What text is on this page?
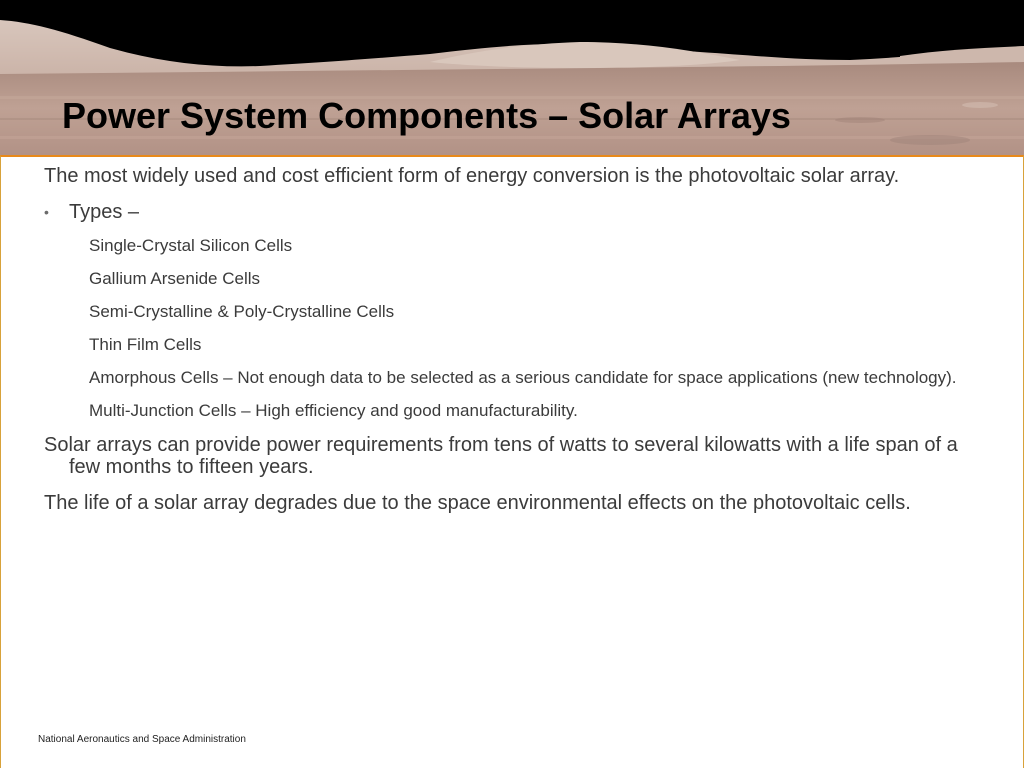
Power System Components – Solar Arrays

The most widely used and cost efficient form of energy conversion is the photovoltaic solar array.

• Types –
Single-Crystal Silicon Cells
Gallium Arsenide Cells
Semi-Crystalline & Poly-Crystalline Cells
Thin Film Cells
Amorphous Cells – Not enough data to be selected as a serious candidate for space applications (new technology).
Multi-Junction Cells – High efficiency and good manufacturability.

Solar arrays can provide power requirements from tens of watts to several kilowatts with a life span of a few months to fifteen years.

The life of a solar array degrades due to the space environmental effects on the photovoltaic cells.

National Aeronautics and Space Administration
